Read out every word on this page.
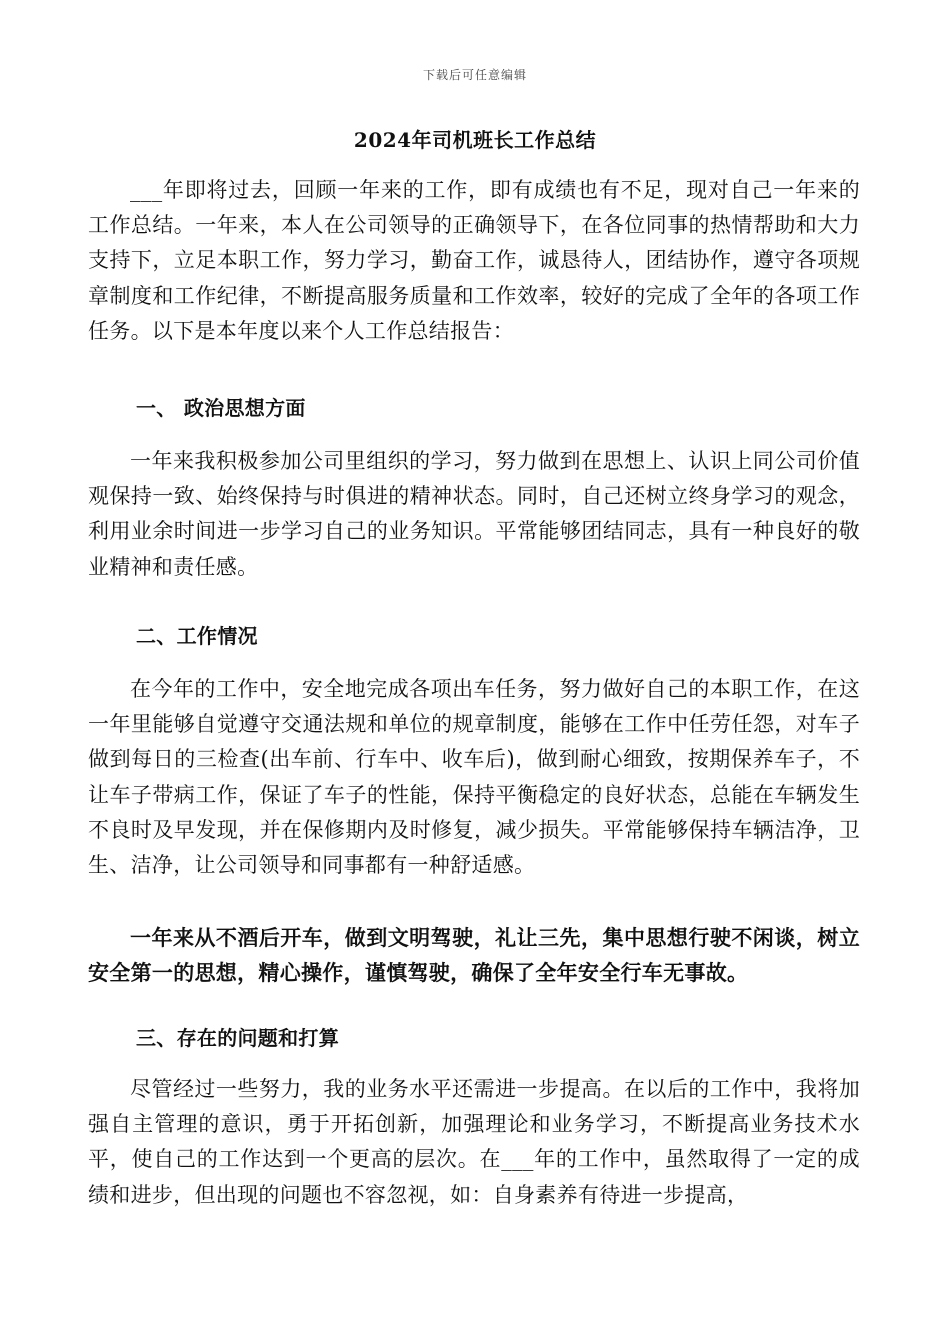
下载后可任意编辑
2024年司机班长工作总结

___年即将过去，回顾一年来的工作，即有成绩也有不足，现对自己一年来的工作总结。一年来，本人在公司领导的正确领导下，在各位同事的热情帮助和大力支持下，立足本职工作，努力学习，勤奋工作，诚恳待人，团结协作，遵守各项规章制度和工作纪律，不断提高服务质量和工作效率，较好的完成了全年的各项工作任务。以下是本年度以来个人工作总结报告：

一、 政治思想方面

一年来我积极参加公司里组织的学习，努力做到在思想上、认识上同公司价值观保持一致、始终保持与时俱进的精神状态。同时，自己还树立终身学习的观念，利用业余时间进一步学习自己的业务知识。平常能够团结同志，具有一种良好的敬业精神和责任感。

二、工作情况

在今年的工作中，安全地完成各项出车任务，努力做好自己的本职工作，在这一年里能够自觉遵守交通法规和单位的规章制度，能够在工作中任劳任怨，对车子做到每日的三检查(出车前、行车中、收车后)，做到耐心细致，按期保养车子，不让车子带病工作，保证了车子的性能，保持平衡稳定的良好状态，总能在车辆发生不良时及早发现，并在保修期内及时修复，减少损失。平常能够保持车辆洁净，卫生、洁净，让公司领导和同事都有一种舒适感。

一年来从不酒后开车，做到文明驾驶，礼让三先，集中思想行驶不闲谈，树立安全第一的思想，精心操作，谨慎驾驶，确保了全年安全行车无事故。

三、存在的问题和打算

尽管经过一些努力，我的业务水平还需进一步提高。在以后的工作中，我将加强自主管理的意识，勇于开拓创新，加强理论和业务学习，不断提高业务技术水平，使自己的工作达到一个更高的层次。在___年的工作中，虽然取得了一定的成绩和进步，但出现的问题也不容忽视，如：自身素养有待进一步提高，
